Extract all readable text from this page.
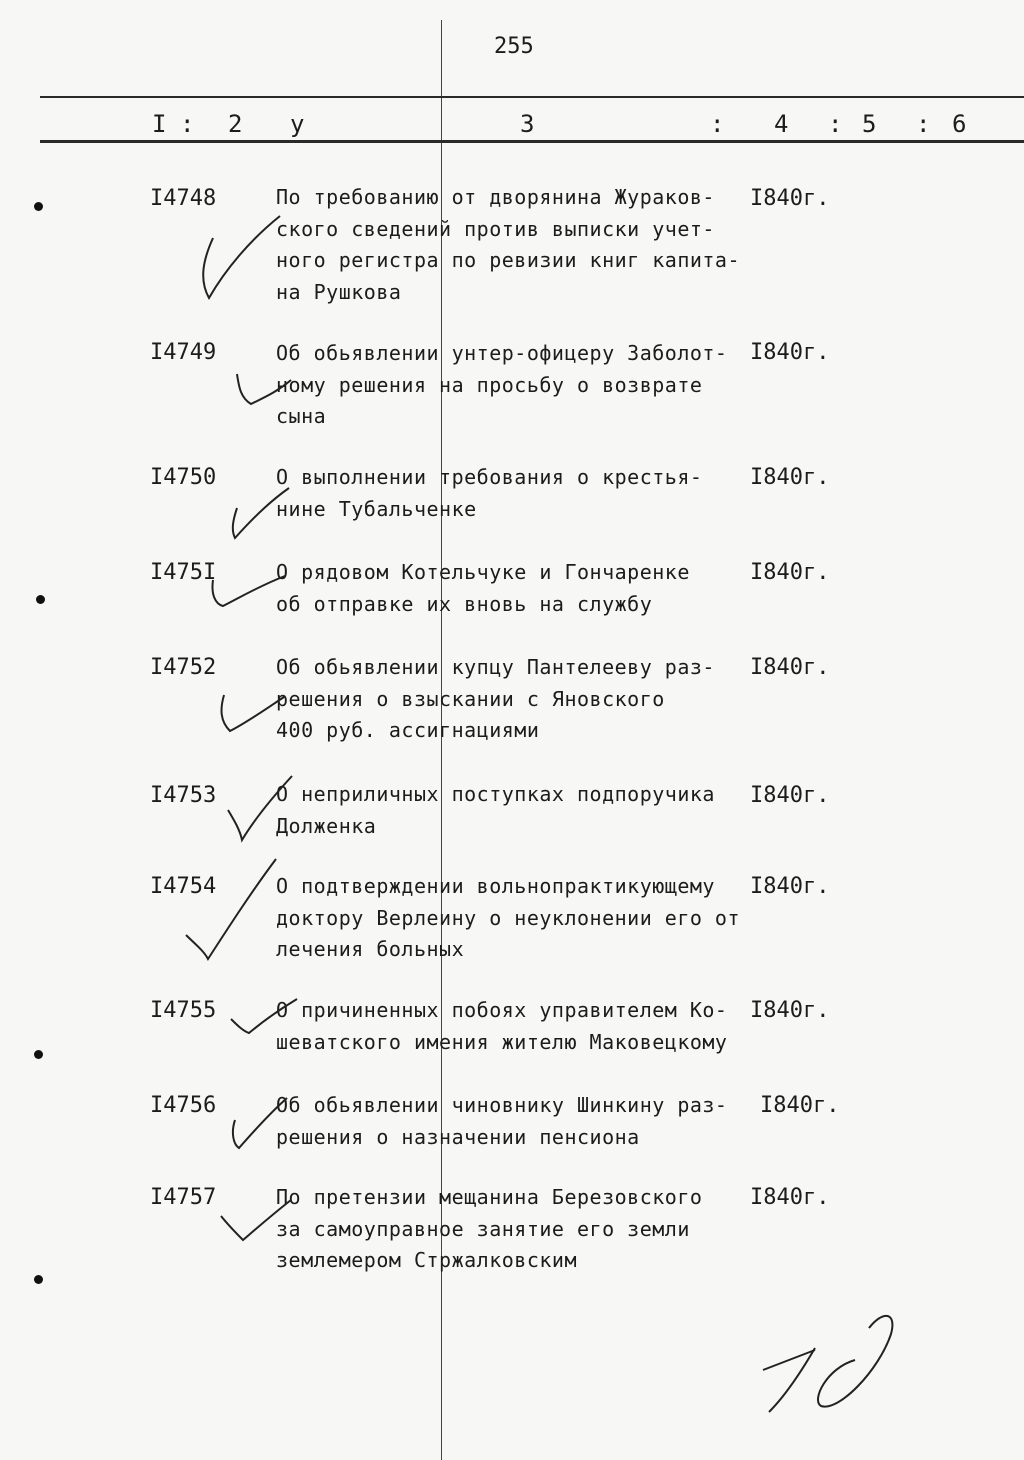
255
I : 2 у	3	: 4 : 5 : 6
I4748	По требованию от дворянина Жураков-
ского сведений против выписки учет-
ного регистра по ревизии книг капита-
на Рушкова
I840г.
I4749	Об обьявлении унтер-офицеру Заболот-
ному решения на просьбу о возврате
сына
I840г.
I4750	О выполнении требования о крестья-
нине Тубальченке
I840г.
I475I	О рядовом Котельчуке и Гончаренке
об отправке их вновь на службу
I840г.
I4752	Об обьявлении купцу Пантелееву раз-
решения о взыскании с Яновского
400 руб. ассигнациями
I840г.
I4753	О неприличных поступках подпоручика
Долженка
I840г.
I4754	О подтверждении вольнопрактикующему
доктору Верлеину о неуклонении его от
лечения больных
I840г.
I4755	О причиненных побоях управителем Ко-
шеватского имения жителю Маковецкому
I840г.
I4756	Об обьявлении чиновнику Шинкину раз-
решения о назначении пенсиона
I840г.
I4757	По претензии мещанина Березовского
за самоуправное занятие его земли
землемером Стржалковским
I840г.
